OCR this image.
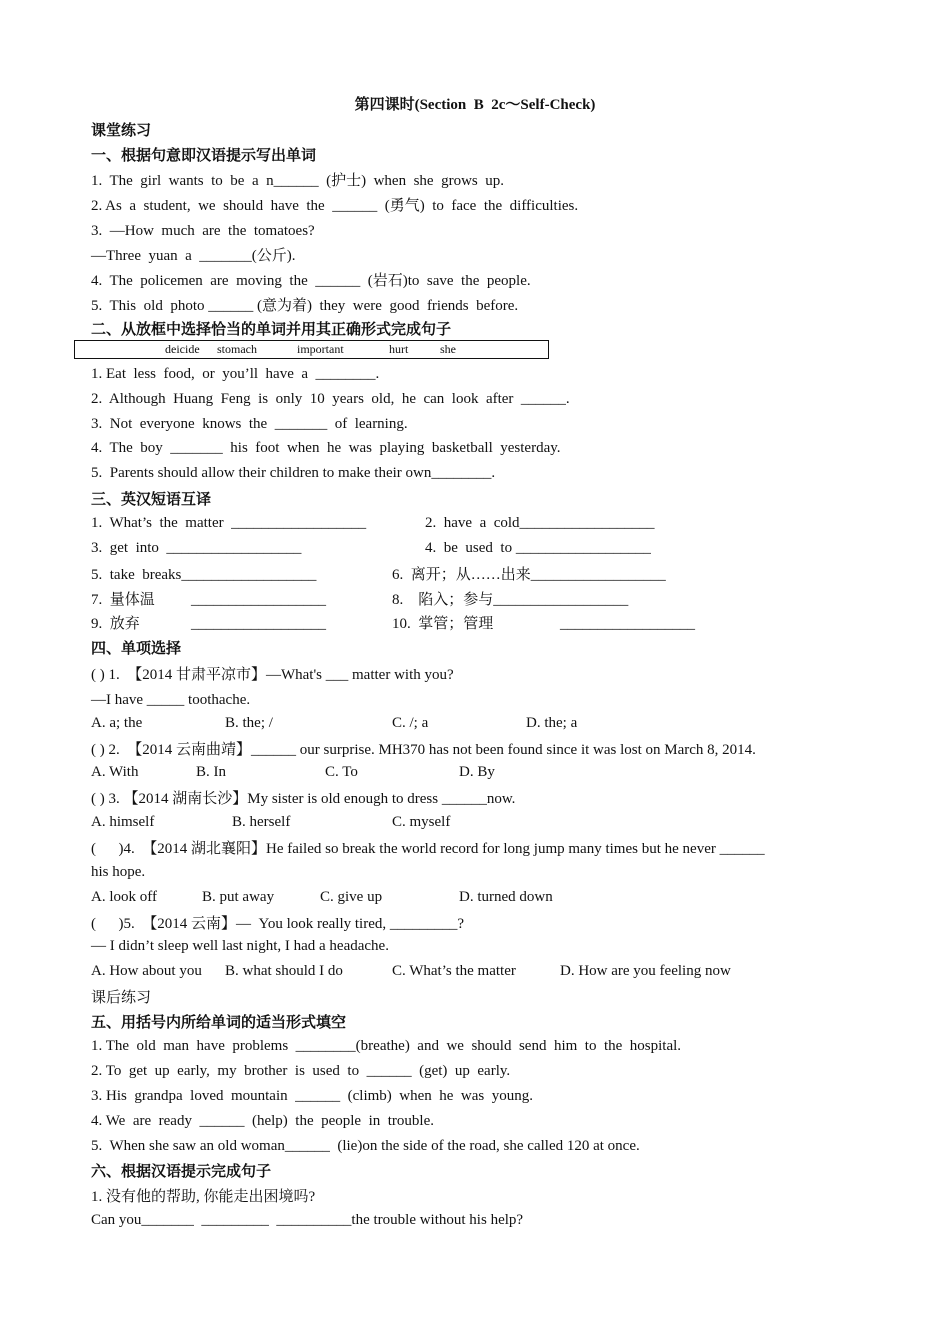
第四课时(Section  B  2c～Self-Check)
课堂练习
一、根据句意即汉语提示写出单词
1.  The  girl  wants  to  be  a  n______  (护士)  when  she  grows  up.
2. As  a  student,  we  should  have  the  ______  (勇气)  to  face  the  difficulties.
3.  —How  much  are  the  tomatoes?
—Three  yuan  a  _______(公斤).
4.  The  policemen  are  moving  the  ______  (岩石)to  save  the  people.
5.  This  old  photo ______ (意为着)  they  were  good  friends  before.
二、从放框中选择恰当的单词并用其正确形式完成句子
deicide stomach	important	hurt	she
1. Eat  less  food,  or  you’ll  have  a  ________.
2.  Although  Huang  Feng  is  only  10  years  old,  he  can  look  after  ______.
3.  Not  everyone  knows  the  _______  of  learning.
4.  The  boy  _______  his  foot  when  he  was  playing  basketball  yesterday.
5.  Parents should allow their children to make their own________.
三、英汉短语互译
1.  What’s  the  matter  __________________	2.  have  a  cold__________________
3.  get  into  __________________	4.  be  used  to __________________
5.  take  breaks__________________	6.  离开；从……出来__________________
7.  量体温 __________________	8.    陷入；参与__________________
9.  放弃	__________________	10.  掌管；管理	__________________
四、单项选择
( ) 1.  【2014 甘肃平凉市】—What's ___ matter with you?
—I have _____ toothache.
A. a; the	B. the; /	C. /; a	D. the; a
( ) 2.  【2014 云南曲靖】______ our surprise. MH370 has not been found since it was lost on March 8, 2014.
A. With	B. In	C. To	D. By
( ) 3. 【2014 湖南长沙】My sister is old enough to dress ______now.
A. himself	B. herself	C. myself
(      )4.  【2014 湖北襄阳】He failed so break the world record for long jump many times but he never ______
his hope.
A. look off	B. put away	C. give up	D. turned down
(      )5.  【2014 云南】—  You look really tired, _________?
— I didn’t sleep well last night, I had a headache.
A. How about you B. what should I do	C. What’s the matter	D. How are you feeling now
课后练习
五、用括号内所给单词的适当形式填空
1. The  old  man  have  problems  ________(breathe)  and  we  should  send  him  to  the  hospital.
2. To  get  up  early,  my  brother  is  used  to  ______  (get)  up  early.
3. His  grandpa  loved  mountain  ______  (climb)  when  he  was  young.
4. We  are  ready  ______  (help)  the  people  in  trouble.
5.  When she saw an old woman______  (lie)on the side of the road, she called 120 at once.
六、根据汉语提示完成句子
1. 没有他的帮助, 你能走出困境吗?
Can you_______  _________  __________the trouble without his help?
